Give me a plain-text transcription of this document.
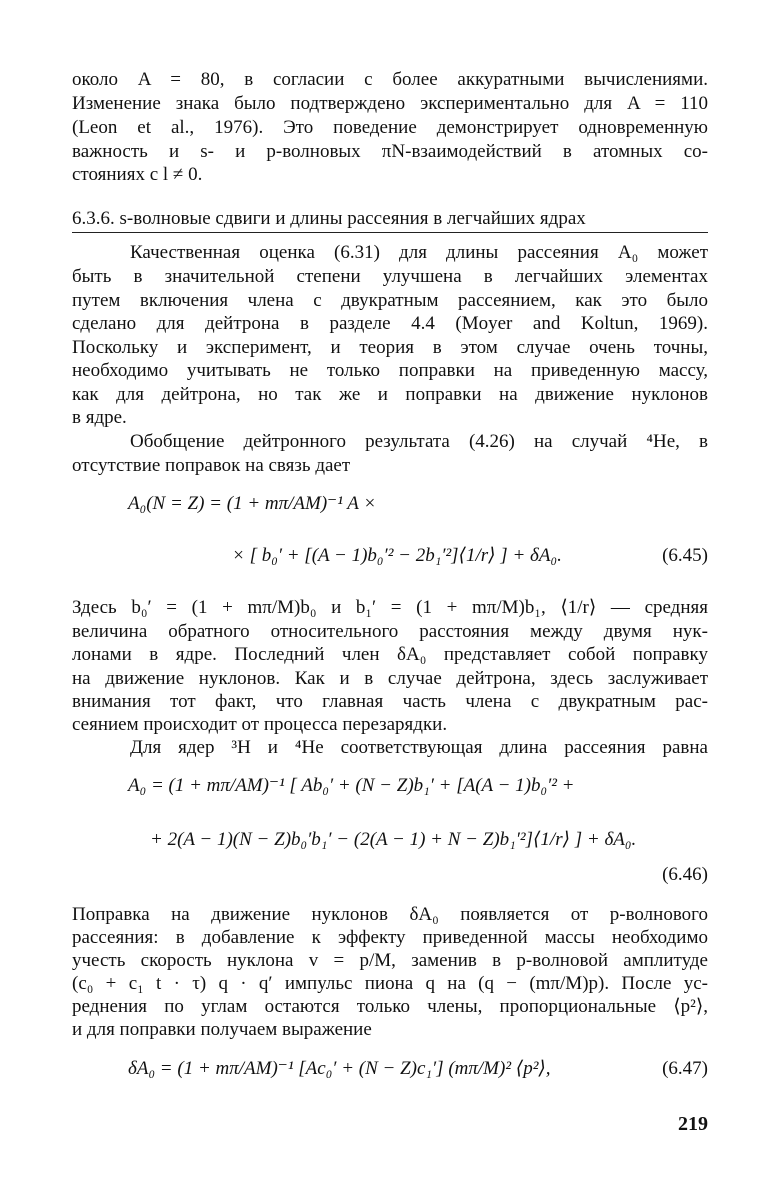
около A = 80, в согласии с более аккуратными вычислениями.

Изменение знака было подтверждено экспериментально для A = 110

(Leon et al., 1976). Это поведение демонстрирует одновременную

важность и s- и p-волновых πN-взаимодействий в атомных со-

стояниях с l ≠ 0.

6.3.6. s-волновые сдвиги и длины рассеяния в легчайших ядрах

Качественная оценка (6.31) для длины рассеяния A₀ может

быть в значительной степени улучшена в легчайших элементах

путем включения члена с двукратным рассеянием, как это было

сделано для дейтрона в разделе 4.4 (Moyer and Koltun, 1969).

Поскольку и эксперимент, и теория в этом случае очень точны,

необходимо учитывать не только поправки на приведенную массу,

как для дейтрона, но так же и поправки на движение нуклонов

в ядре.

Обобщение дейтронного результата (4.26) на случай ⁴He, в

отсутствие поправок на связь дает

A₀(N = Z) = (1 + mπ/AM)⁻¹ A ×

× [ b₀′ + [(A − 1)b₀′² − 2b₁′²]⟨1/r⟩ ] + δA₀.	(6.45)

Здесь b₀′ = (1 + mπ/M)b₀ и b₁′ = (1 + mπ/M)b₁, ⟨1/r⟩ — средняя

величина обратного относительного расстояния между двумя нук-

лонами в ядре. Последний член δA₀ представляет собой поправку

на движение нуклонов. Как и в случае дейтрона, здесь заслуживает

внимания тот факт, что главная часть члена с двукратным рас-

сеянием происходит от процесса перезарядки.

Для ядер ³H и ⁴He соответствующая длина рассеяния равна

A₀ = (1 + mπ/AM)⁻¹ [ Ab₀′ + (N − Z)b₁′ + [A(A − 1)b₀′² +

+ 2(A − 1)(N − Z)b₀′b₁′ − (2(A − 1) + N − Z)b₁′²]⟨1/r⟩ ] + δA₀.

(6.46)

Поправка на движение нуклонов δA₀ появляется от p-волнового

рассеяния: в добавление к эффекту приведенной массы необходимо

учесть скорость нуклона v = p/M, заменив в p-волновой амплитуде

(c₀ + c₁ t · τ) q · q′ импульс пиона q на (q − (mπ/M)p). После ус-

реднения по углам остаются только члены, пропорциональные ⟨p²⟩,

и для поправки получаем выражение

δA₀ = (1 + mπ/AM)⁻¹ [Ac₀′ + (N − Z)c₁′] (mπ/M)² ⟨p²⟩,	(6.47)
219
